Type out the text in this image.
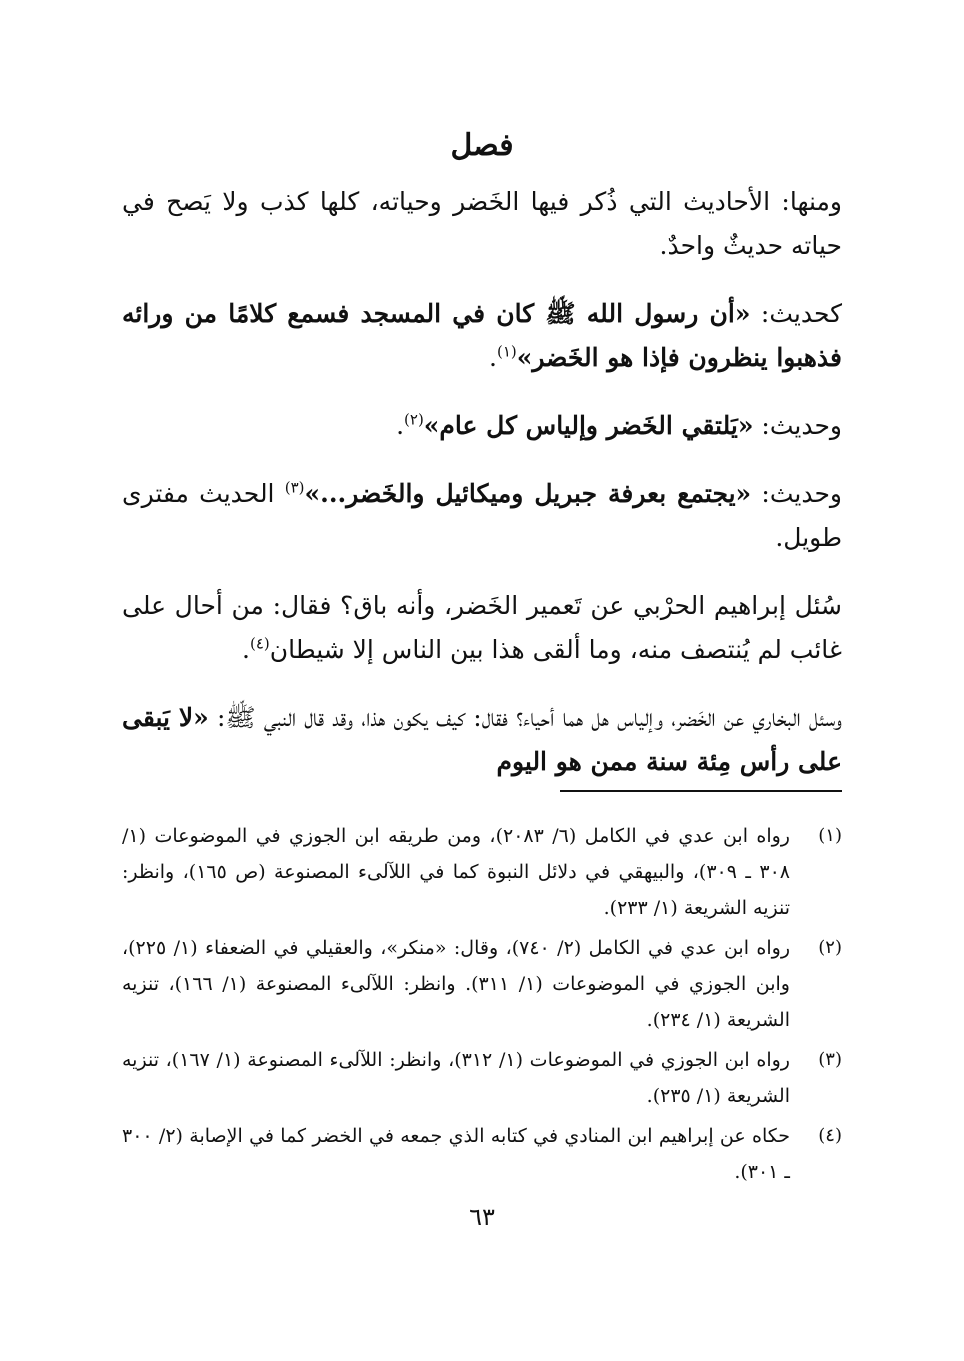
فصل

ومنها: الأحاديث التي ذُكر فيها الخَضر وحياته، كلها كذب ولا يَصح في حياته حديثٌ واحدٌ.

كحديث: «أن رسول الله ﷺ كان في المسجد فسمع كلامًا من ورائه فذهبوا ينظرون فإذا هو الخَضر»$^{(١)}$.

وحديث: «يَلتقي الخَضر وإلياس كل عام»$^{(٢)}$.

وحديث: «يجتمع بعرفة جبريل وميكائيل والخَضر...»$^{(٣)}$ الحديث مفترى طويل.

سُئل إبراهيم الحرْبي عن تَعمير الخَضر، وأنه باق؟ فقال: من أحال على غائب لم يُنتصف منه، وما ألقى هذا بين الناس إلا شيطان$^{(٤)}$.

وسئل البخاري عن الخَضر، وإلياس هل هما أحياء؟ فقال: كيف يكون هذا، وقد قال النبي ﷺ: «لا يَبقى على رأس مِئة سنة ممن هو اليوم

(١)
رواه ابن عدي في الكامل (٦/ ٢٠٨٣)، ومن طريقه ابن الجوزي في الموضوعات (١/ ٣٠٨ ـ ٣٠٩)، والبيهقي في دلائل النبوة كما في اللآلىء المصنوعة (ص ١٦٥)، وانظر: تنزيه الشريعة (١/ ٢٣٣).
(٢)
رواه ابن عدي في الكامل (٢/ ٧٤٠)، وقال: «منكر»، والعقيلي في الضعفاء (١/ ٢٢٥)، وابن الجوزي في الموضوعات (١/ ٣١١). وانظر: اللآلىء المصنوعة (١/ ١٦٦)، تنزيه الشريعة (١/ ٢٣٤).
(٣)
رواه ابن الجوزي في الموضوعات (١/ ٣١٢)، وانظر: اللآلىء المصنوعة (١/ ١٦٧)، تنزيه الشريعة (١/ ٢٣٥).
(٤)
حكاه عن إبراهيم ابن المنادي في كتابه الذي جمعه في الخضر كما في الإصابة (٢/ ٣٠٠ ـ ٣٠١).

٦٣
